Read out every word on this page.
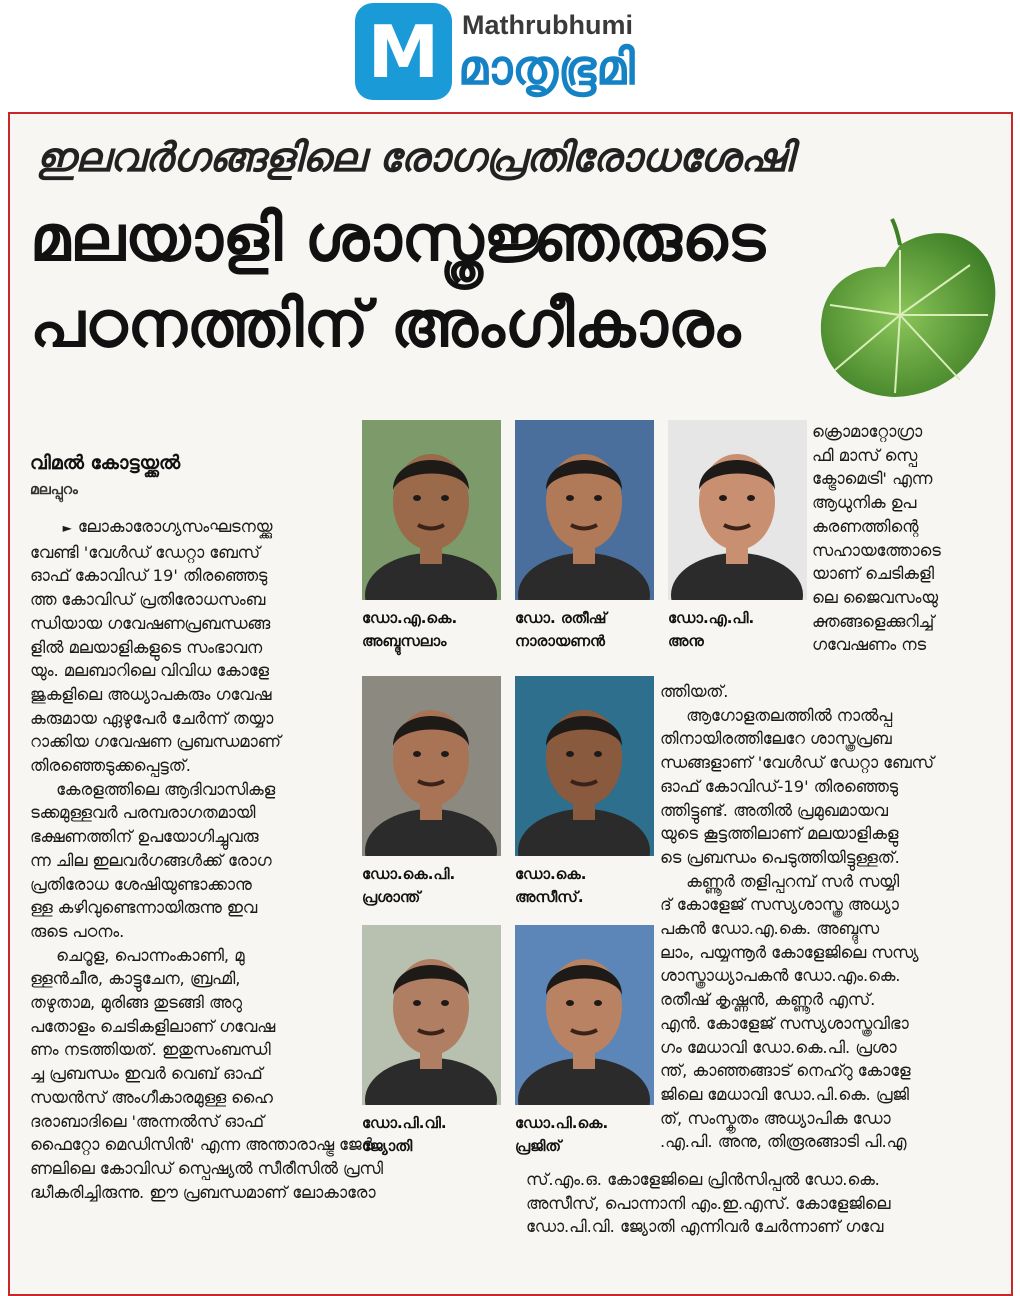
M Mathrubhumi
മാതൃഭൂമി
ഇലവർഗങ്ങളിലെ രോഗപ്രതിരോധശേഷി
മലയാളി ശാസ്ത്രജ്ഞരുടെ
പഠനത്തിന് അംഗീകാരം
വിമൽ കോട്ടയ്ക്കൽ
മലപ്പുറം

► ലോകാരോഗ്യസംഘടനയ്ക്കു

വേണ്ടി 'വേൾഡ് ഡേറ്റാ ബേസ്

ഓഫ് കോവിഡ് 19' തിരഞ്ഞെടു

ത്ത കോവിഡ് പ്രതിരോധസംബ

ന്ധിയായ ഗവേഷണപ്രബന്ധങ്ങ

ളിൽ മലയാളികളുടെ സംഭാവന

യും. മലബാറിലെ വിവിധ കോളേ

ജുകളിലെ അധ്യാപകരും ഗവേഷ

കരുമായ ഏഴുപേർ ചേർന്ന് തയ്യാ

റാക്കിയ ഗവേഷണ പ്രബന്ധമാണ്

തിരഞ്ഞെടുക്കപ്പെട്ടത്.

കേരളത്തിലെ ആദിവാസികള

ടക്കമുള്ളവർ പരമ്പരാഗതമായി

ഭക്ഷണത്തിന് ഉപയോഗിച്ചുവരു

ന്ന ചില ഇലവർഗങ്ങൾക്ക് രോഗ

പ്രതിരോധ ശേഷിയുണ്ടാക്കാനു

ള്ള കഴിവുണ്ടെന്നായിരുന്നു ഇവ

രുടെ പഠനം.

ചെറൂള, പൊന്നംകാണി, മു

ള്ളൻചീര, കാട്ടുചേന, ബ്രഹ്മി,

തഴുതാമ, മുരിങ്ങ തുടങ്ങി അറു

പതോളം ചെടികളിലാണ് ഗവേഷ

ണം നടത്തിയത്. ഇതുസംബന്ധി

ച്ച പ്രബന്ധം ഇവർ വെബ് ഓഫ്

സയൻസ് അംഗീകാരമുള്ള ഹൈ

ദരാബാദിലെ 'അന്നൽസ് ഓഫ്

ഫൈറ്റോ മെഡിസിൻ' എന്ന അന്താരാഷ്ട്ര ജേർ

ണലിലെ കോവിഡ് സ്പെഷ്യൽ സീരീസിൽ പ്രസി

ദ്ധീകരിച്ചിരുന്നു. ഈ പ്രബന്ധമാണ് ലോകാരോ

ക്രൊമാറ്റോഗ്രാ

ഫി മാസ് സ്പെ

ക്ട്രോമെട്രി' എന്ന

ആധുനിക ഉപ

കരണത്തിന്റെ

സഹായത്തോടെ

യാണ് ചെടികളി

ലെ ജൈവസംയു

ക്തങ്ങളെക്കുറിച്ച്

ഗവേഷണം നട

ത്തിയത്.

ആഗോളതലത്തിൽ നാൽപ്പ

തിനായിരത്തിലേറേ ശാസ്ത്രപ്രബ

ന്ധങ്ങളാണ് 'വേൾഡ് ഡേറ്റാ ബേസ്

ഓഫ് കോവിഡ്-19' തിരഞ്ഞെടു

ത്തിട്ടുണ്ട്. അതിൽ പ്രമുഖമായവ

യുടെ കൂട്ടത്തിലാണ് മലയാളികളു

ടെ പ്രബന്ധം പെടുത്തിയിട്ടുള്ളത്.

കണ്ണൂർ തളിപ്പറമ്പ് സർ സയ്യി

ദ് കോളേജ് സസ്യശാസ്ത്ര അധ്യാ

പകൻ ഡോ.എ.കെ. അബ്ദുസ

ലാം, പയ്യന്നൂർ കോളേജിലെ സസ്യ

ശാസ്ത്രാധ്യാപകൻ ഡോ.എം.കെ.

രതീഷ് കൃഷ്ണൻ, കണ്ണൂർ എസ്.

എൻ. കോളേജ് സസ്യശാസ്ത്രവിഭാ

ഗം മേധാവി ഡോ.കെ.പി. പ്രശാ

ന്ത്, കാഞ്ഞങ്ങാട് നെഹ്റു കോളേ

ജിലെ മേധാവി ഡോ.പി.കെ. പ്രജി

ത്, സംസ്കൃതം അധ്യാപിക ഡോ

.എ.പി. അനു, തിരൂരങ്ങാടി പി.എ

സ്.എം.ഒ. കോളേജിലെ പ്രിൻസിപ്പൽ ഡോ.കെ.

അസീസ്, പൊന്നാനി എം.ഇ.എസ്. കോളേജിലെ

ഡോ.പി.വി. ജ്യോതി എന്നിവർ ചേർന്നാണ് ഗവേ

ഡോ.എ.കെ.
അബ്ദുസലാം
ഡോ. രതീഷ്
നാരായണൻ
ഡോ.എ.പി.
അനു
ഡോ.കെ.പി.
പ്രശാന്ത്
ഡോ.കെ.
അസീസ്.
ഡോ.പി.വി.
ജ്യോതി
ഡോ.പി.കെ.
പ്രജിത്
